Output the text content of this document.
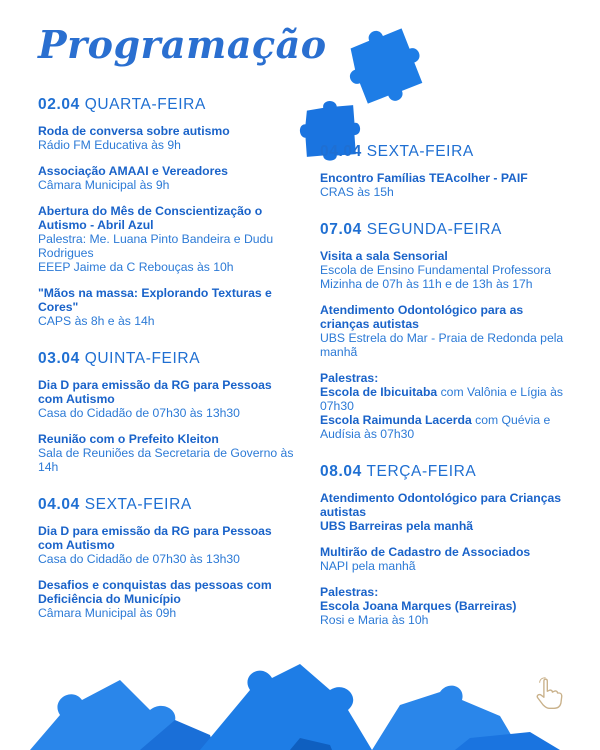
Programação
02.04 QUARTA-FEIRA
Roda de conversa sobre autismo
Rádio FM Educativa às 9h
Associação AMAAI e Vereadores
Câmara Municipal às 9h
Abertura do Mês de Conscientização o Autismo - Abril Azul
Palestra: Me. Luana Pinto Bandeira e Dudu Rodrigues
EEEP Jaime da C Rebouças às 10h
"Mãos na massa: Explorando Texturas e Cores"
CAPS às 8h e às 14h
03.04 QUINTA-FEIRA
Dia D para emissão da RG para Pessoas com Autismo
Casa do Cidadão de 07h30 às 13h30
Reunião com o Prefeito Kleiton
Sala de Reuniões da Secretaria de Governo às 14h
04.04 SEXTA-FEIRA
Dia D para emissão da RG para Pessoas com Autismo
Casa do Cidadão de 07h30 às 13h30
Desafios e conquistas das pessoas com Deficiência do Município
Câmara Municipal às 09h
04.04 SEXTA-FEIRA
Encontro Famílias TEAcolher - PAIF
CRAS às 15h
07.04 SEGUNDA-FEIRA
Visita a sala Sensorial
Escola de Ensino Fundamental Professora Mizinha de 07h às 11h e de 13h às 17h
Atendimento Odontológico para as crianças autistas
UBS Estrela do Mar - Praia de Redonda pela manhã
Palestras:
Escola de Ibicuitaba com Valônia e Lígia às 07h30
Escola Raimunda Lacerda com Quévia e Audísia às 07h30
08.04 TERÇA-FEIRA
Atendimento Odontológico para Crianças autistas
UBS Barreiras pela manhã
Multirão de Cadastro de Associados
NAPI pela manhã
Palestras:
Escola Joana Marques (Barreiras)
Rosi e Maria às 10h
